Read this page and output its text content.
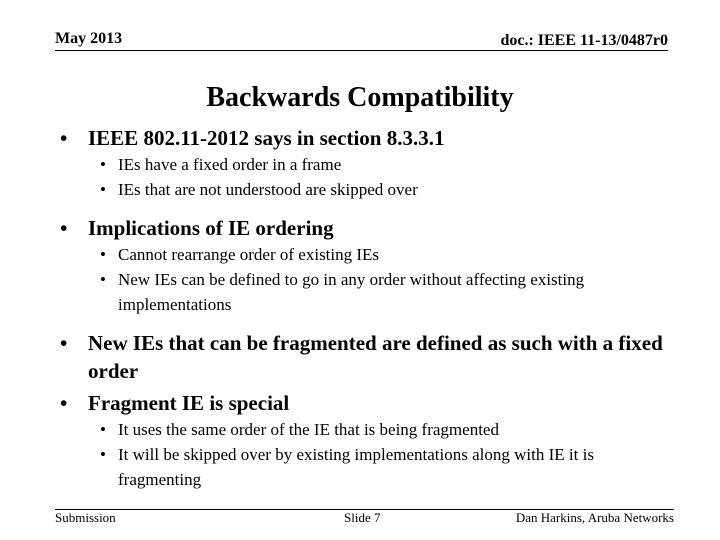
May 2013	doc.: IEEE 11-13/0487r0
Backwards Compatibility
• IEEE 802.11-2012 says in section 8.3.3.1
• IEs have a fixed order in a frame
• IEs that are not understood are skipped over
• Implications of IE ordering
• Cannot rearrange order of existing IEs
• New IEs can be defined to go in any order without affecting existing implementations
• New IEs that can be fragmented are defined as such with a fixed order
• Fragment IE is special
• It uses the same order of the IE that is being fragmented
• It will be skipped over by existing implementations along with IE it is fragmenting
Submission	Slide 7	Dan Harkins, Aruba Networks
